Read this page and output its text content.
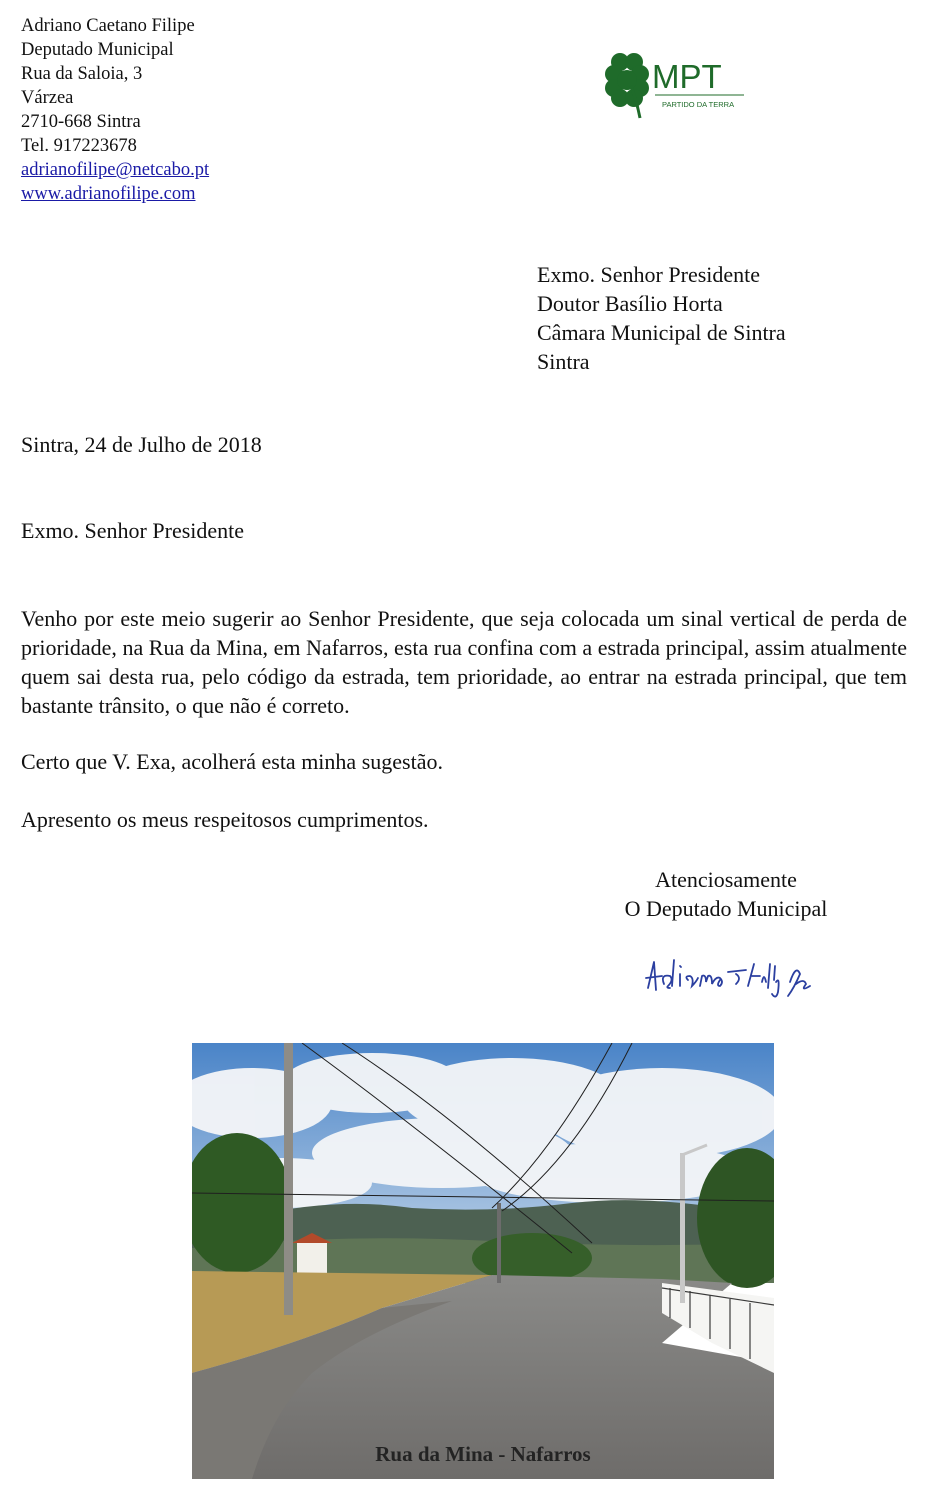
Adriano Caetano Filipe
Deputado Municipal
Rua da Saloia, 3
Várzea
2710-668 Sintra
Tel. 917223678
adrianofilipe@netcabo.pt
www.adrianofilipe.com
MPT
PARTIDO DA TERRA
Exmo. Senhor Presidente
Doutor Basílio Horta
Câmara Municipal de Sintra
Sintra
Sintra, 24 de Julho de 2018
Exmo. Senhor Presidente

Venho por este meio sugerir ao Senhor Presidente, que seja colocada um sinal vertical de perda de prioridade, na Rua da Mina, em Nafarros, esta rua confina com a estrada principal, assim atualmente quem sai desta rua, pelo código da estrada, tem prioridade, ao entrar na estrada principal, que tem bastante trânsito, o que não é correto.

Certo que V. Exa, acolherá esta minha sugestão.
Apresento os meus respeitosos cumprimentos.
Atenciosamente
O Deputado Municipal
Rua da Mina - Nafarros
